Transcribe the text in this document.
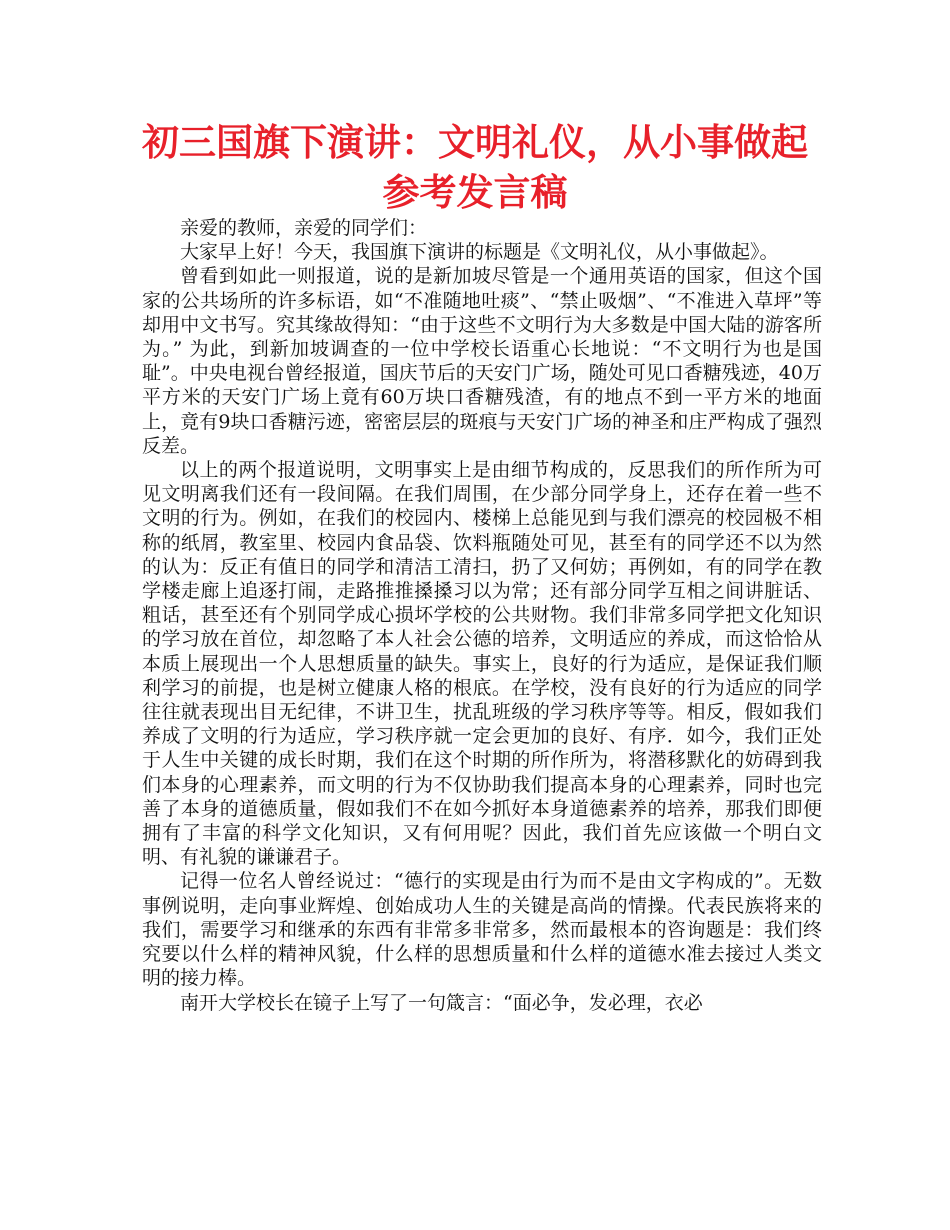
初三国旗下演讲：文明礼仪，从小事做起
参考发言稿

亲爱的教师，亲爱的同学们：

大家早上好！今天，我国旗下演讲的标题是《文明礼仪，从小事做起》。

曾看到如此一则报道，说的是新加坡尽管是一个通用英语的国家，但这个国家的公共场所的许多标语，如“不准随地吐痰”、“禁止吸烟”、“不准进入草坪”等却用中文书写。究其缘故得知：“由于这些不文明行为大多数是中国大陆的游客所为。” 为此，到新加坡调查的一位中学校长语重心长地说：“不文明行为也是国耻”。中央电视台曾经报道，国庆节后的天安门广场，随处可见口香糖残迹，40万平方米的天安门广场上竟有60万块口香糖残渣，有的地点不到一平方米的地面上，竟有9块口香糖污迹，密密层层的斑痕与天安门广场的神圣和庄严构成了强烈反差。

以上的两个报道说明，文明事实上是由细节构成的，反思我们的所作所为可见文明离我们还有一段间隔。在我们周围，在少部分同学身上，还存在着一些不文明的行为。例如，在我们的校园内、楼梯上总能见到与我们漂亮的校园极不相称的纸屑，教室里、校园内食品袋、饮料瓶随处可见，甚至有的同学还不以为然的认为：反正有值日的同学和清洁工清扫，扔了又何妨；再例如，有的同学在教学楼走廊上追逐打闹，走路推推搡搡习以为常；还有部分同学互相之间讲脏话、粗话，甚至还有个别同学成心损坏学校的公共财物。我们非常多同学把文化知识的学习放在首位，却忽略了本人社会公德的培养，文明适应的养成，而这恰恰从本质上展现出一个人思想质量的缺失。事实上，良好的行为适应，是保证我们顺利学习的前提，也是树立健康人格的根底。在学校，没有良好的行为适应的同学往往就表现出目无纪律，不讲卫生，扰乱班级的学习秩序等等。相反，假如我们养成了文明的行为适应，学习秩序就一定会更加的良好、有序．如今，我们正处于人生中关键的成长时期，我们在这个时期的所作所为，将潜移默化的妨碍到我们本身的心理素养，而文明的行为不仅协助我们提高本身的心理素养，同时也完善了本身的道德质量，假如我们不在如今抓好本身道德素养的培养，那我们即便拥有了丰富的科学文化知识，又有何用呢？因此，我们首先应该做一个明白文明、有礼貌的谦谦君子。

记得一位名人曾经说过：“德行的实现是由行为而不是由文字构成的”。无数事例说明，走向事业辉煌、创始成功人生的关键是高尚的情操。代表民族将来的我们，需要学习和继承的东西有非常多非常多，然而最根本的咨询题是：我们终究要以什么样的精神风貌，什么样的思想质量和什么样的道德水准去接过人类文明的接力棒。

南开大学校长在镜子上写了一句箴言：“面必争，发必理，衣必
